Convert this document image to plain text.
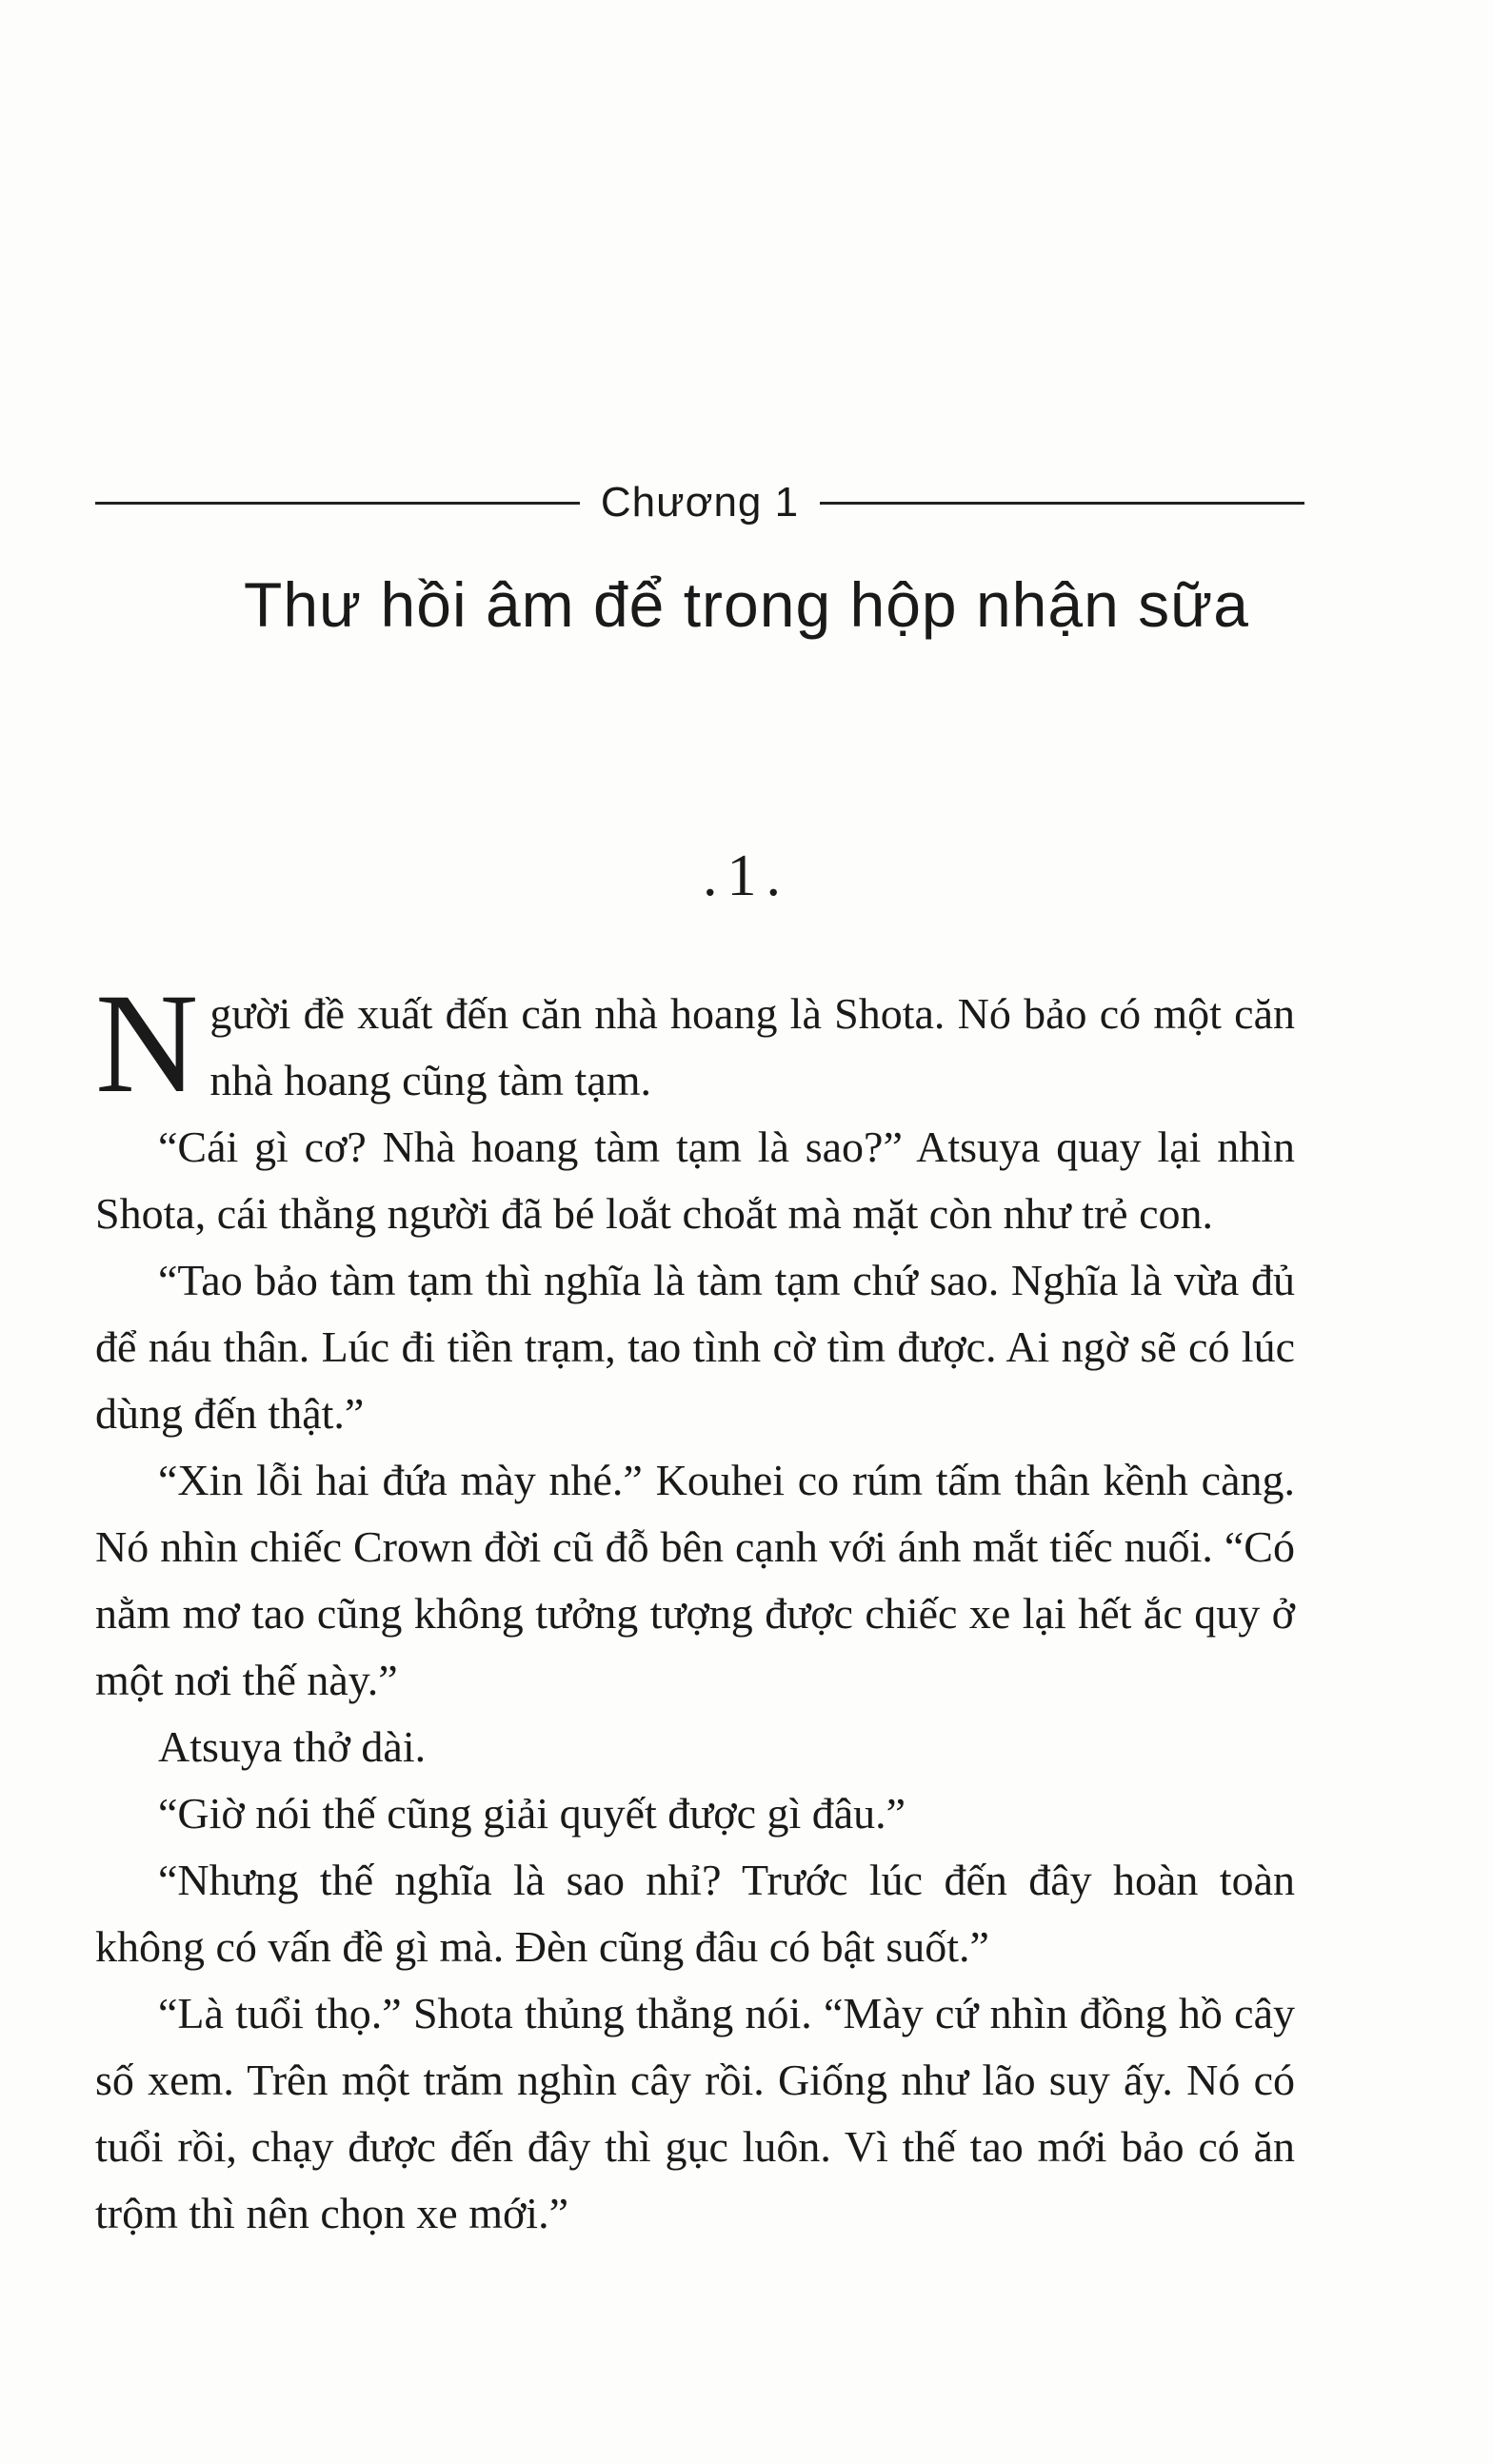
Chương 1
Thư hồi âm để trong hộp nhận sữa
.1.

Người đề xuất đến căn nhà hoang là Shota. Nó bảo có một căn nhà hoang cũng tàm tạm.

“Cái gì cơ? Nhà hoang tàm tạm là sao?” Atsuya quay lại nhìn Shota, cái thằng người đã bé loắt choắt mà mặt còn như trẻ con.

“Tao bảo tàm tạm thì nghĩa là tàm tạm chứ sao. Nghĩa là vừa đủ để náu thân. Lúc đi tiền trạm, tao tình cờ tìm được. Ai ngờ sẽ có lúc dùng đến thật.”

“Xin lỗi hai đứa mày nhé.” Kouhei co rúm tấm thân kềnh càng. Nó nhìn chiếc Crown đời cũ đỗ bên cạnh với ánh mắt tiếc nuối. “Có nằm mơ tao cũng không tưởng tượng được chiếc xe lại hết ắc quy ở một nơi thế này.”

Atsuya thở dài.

“Giờ nói thế cũng giải quyết được gì đâu.”

“Nhưng thế nghĩa là sao nhỉ? Trước lúc đến đây hoàn toàn không có vấn đề gì mà. Đèn cũng đâu có bật suốt.”

“Là tuổi thọ.” Shota thủng thẳng nói. “Mày cứ nhìn đồng hồ cây số xem. Trên một trăm nghìn cây rồi. Giống như lão suy ấy. Nó có tuổi rồi, chạy được đến đây thì gục luôn. Vì thế tao mới bảo có ăn trộm thì nên chọn xe mới.”
